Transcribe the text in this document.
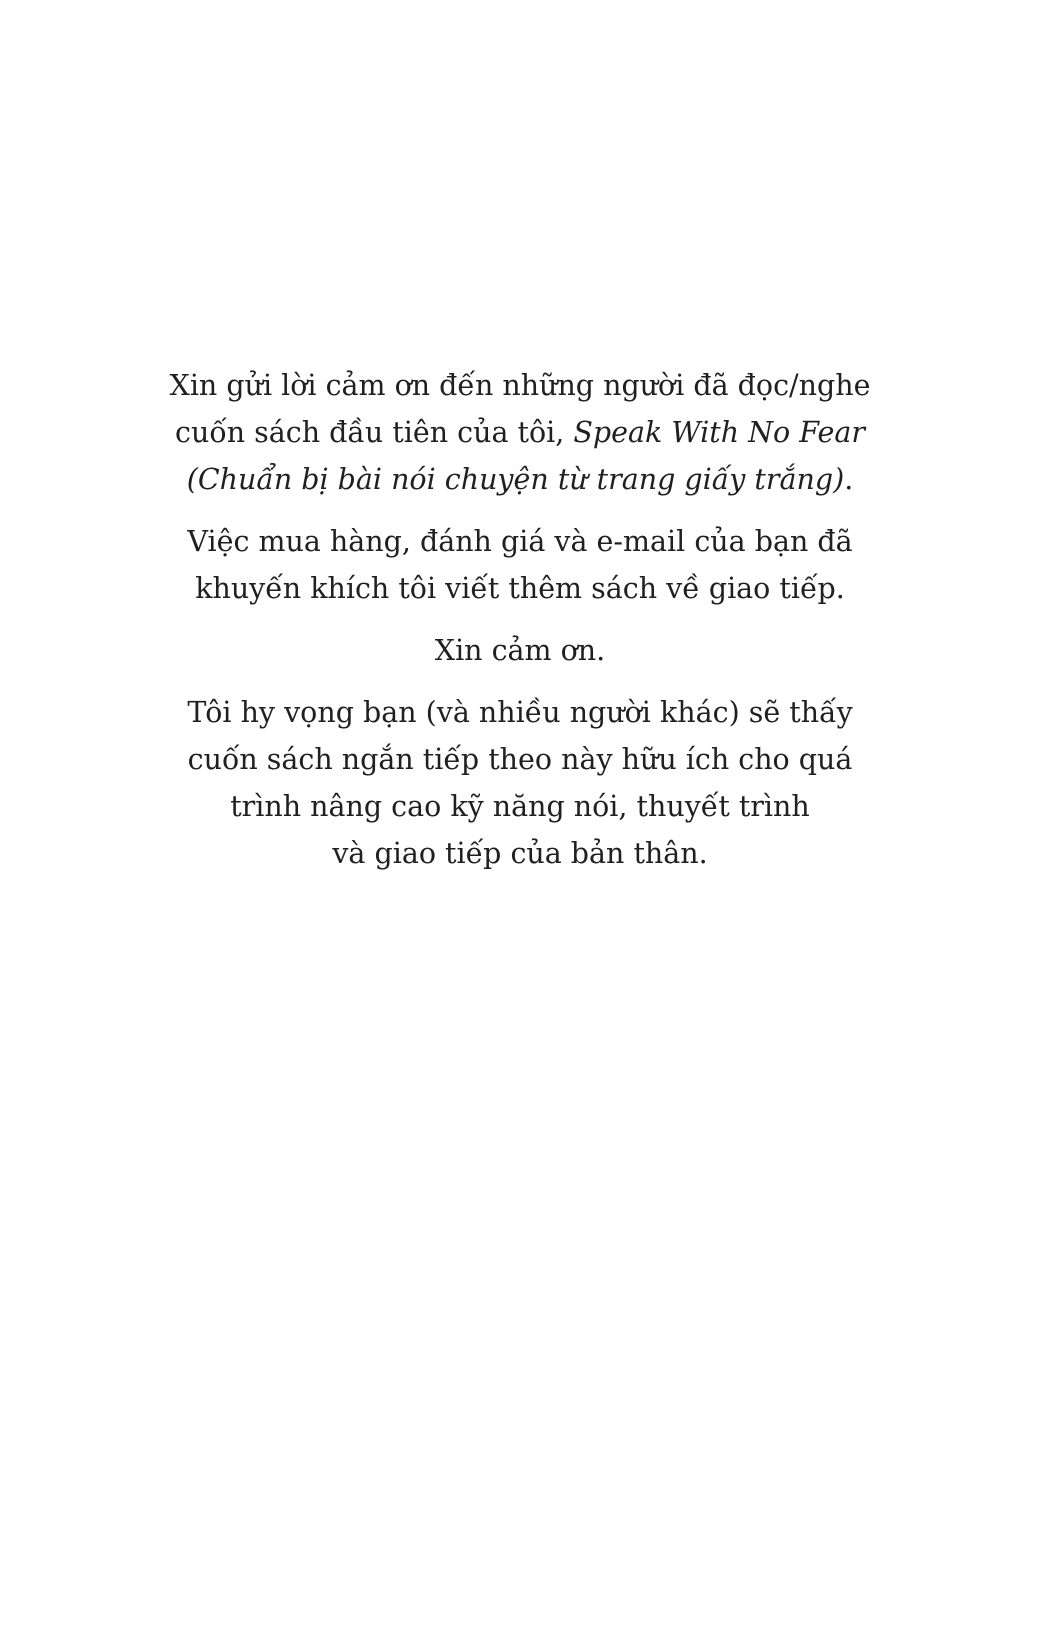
Xin gửi lời cảm ơn đến những người đã đọc/nghe
cuốn sách đầu tiên của tôi, Speak With No Fear
(Chuẩn bị bài nói chuyện từ trang giấy trắng).

Việc mua hàng, đánh giá và e-mail của bạn đã
khuyến khích tôi viết thêm sách về giao tiếp.

Xin cảm ơn.

Tôi hy vọng bạn (và nhiều người khác) sẽ thấy
cuốn sách ngắn tiếp theo này hữu ích cho quá
trình nâng cao kỹ năng nói, thuyết trình
và giao tiếp của bản thân.
